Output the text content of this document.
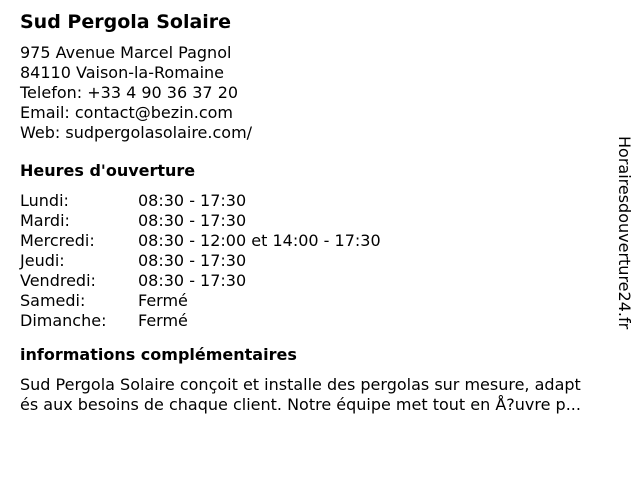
Sud Pergola Solaire
975 Avenue Marcel Pagnol
84110 Vaison-la-Romaine
Telefon: +33 4 90 36 37 20
Email: contact@bezin.com
Web: sudpergolasolaire.com/
Heures d'ouverture
Lundi:	08:30 - 17:30
Mardi:	08:30 - 17:30
Mercredi:	08:30 - 12:00 et 14:00 - 17:30
Jeudi:	08:30 - 17:30
Vendredi:	08:30 - 17:30
Samedi:	Fermé
Dimanche:	Fermé
informations complémentaires
Sud Pergola Solaire conçoit et installe des pergolas sur mesure, adapt
és aux besoins de chaque client. Notre équipe met tout en Å?uvre p...
Horairesdouverture24.fr
